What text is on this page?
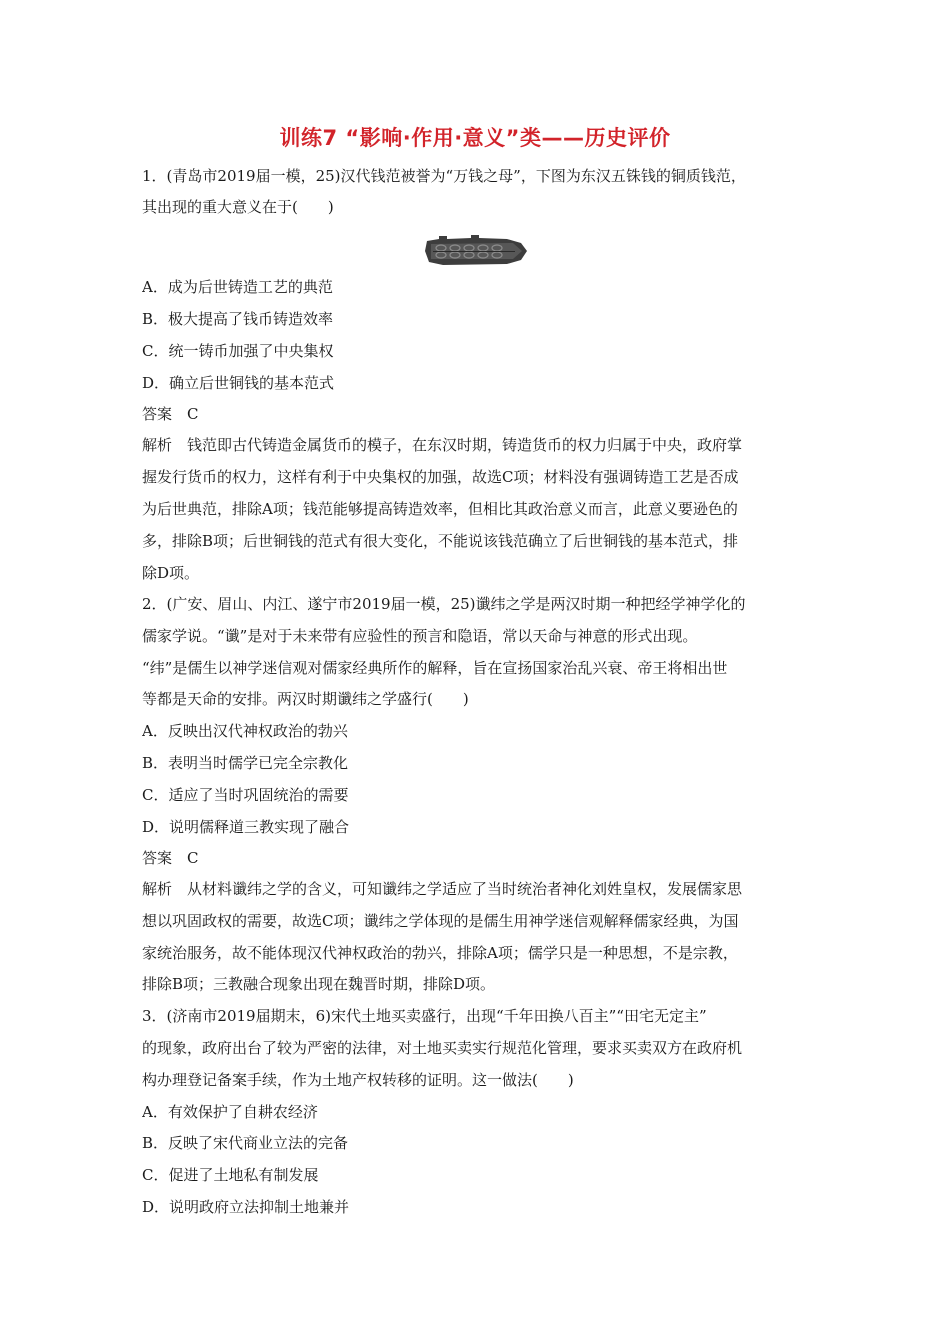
训练7 “影响·作用·意义”类——历史评价
1．(青岛市2019届一模，25)汉代钱范被誉为“万钱之母”，下图为东汉五铢钱的铜质钱范，
其出现的重大意义在于(　　)
A．成为后世铸造工艺的典范
B．极大提高了钱币铸造效率
C．统一铸币加强了中央集权
D．确立后世铜钱的基本范式
答案　C
解析　钱范即古代铸造金属货币的模子，在东汉时期，铸造货币的权力归属于中央，政府掌
握发行货币的权力，这样有利于中央集权的加强，故选C项；材料没有强调铸造工艺是否成
为后世典范，排除A项；钱范能够提高铸造效率，但相比其政治意义而言，此意义要逊色的
多，排除B项；后世铜钱的范式有很大变化，不能说该钱范确立了后世铜钱的基本范式，排
除D项。
2．(广安、眉山、内江、遂宁市2019届一模，25)谶纬之学是两汉时期一种把经学神学化的
儒家学说。“谶”是对于未来带有应验性的预言和隐语，常以天命与神意的形式出现。
“纬”是儒生以神学迷信观对儒家经典所作的解释，旨在宣扬国家治乱兴衰、帝王将相出世
等都是天命的安排。两汉时期谶纬之学盛行(　　)
A．反映出汉代神权政治的勃兴
B．表明当时儒学已完全宗教化
C．适应了当时巩固统治的需要
D．说明儒释道三教实现了融合
答案　C
解析　从材料谶纬之学的含义，可知谶纬之学适应了当时统治者神化刘姓皇权，发展儒家思
想以巩固政权的需要，故选C项；谶纬之学体现的是儒生用神学迷信观解释儒家经典，为国
家统治服务，故不能体现汉代神权政治的勃兴，排除A项；儒学只是一种思想，不是宗教，
排除B项；三教融合现象出现在魏晋时期，排除D项。
3．(济南市2019届期末，6)宋代土地买卖盛行，出现“千年田换八百主”“田宅无定主”
的现象，政府出台了较为严密的法律，对土地买卖实行规范化管理，要求买卖双方在政府机
构办理登记备案手续，作为土地产权转移的证明。这一做法(　　)
A．有效保护了自耕农经济
B．反映了宋代商业立法的完备
C．促进了土地私有制发展
D．说明政府立法抑制土地兼并
